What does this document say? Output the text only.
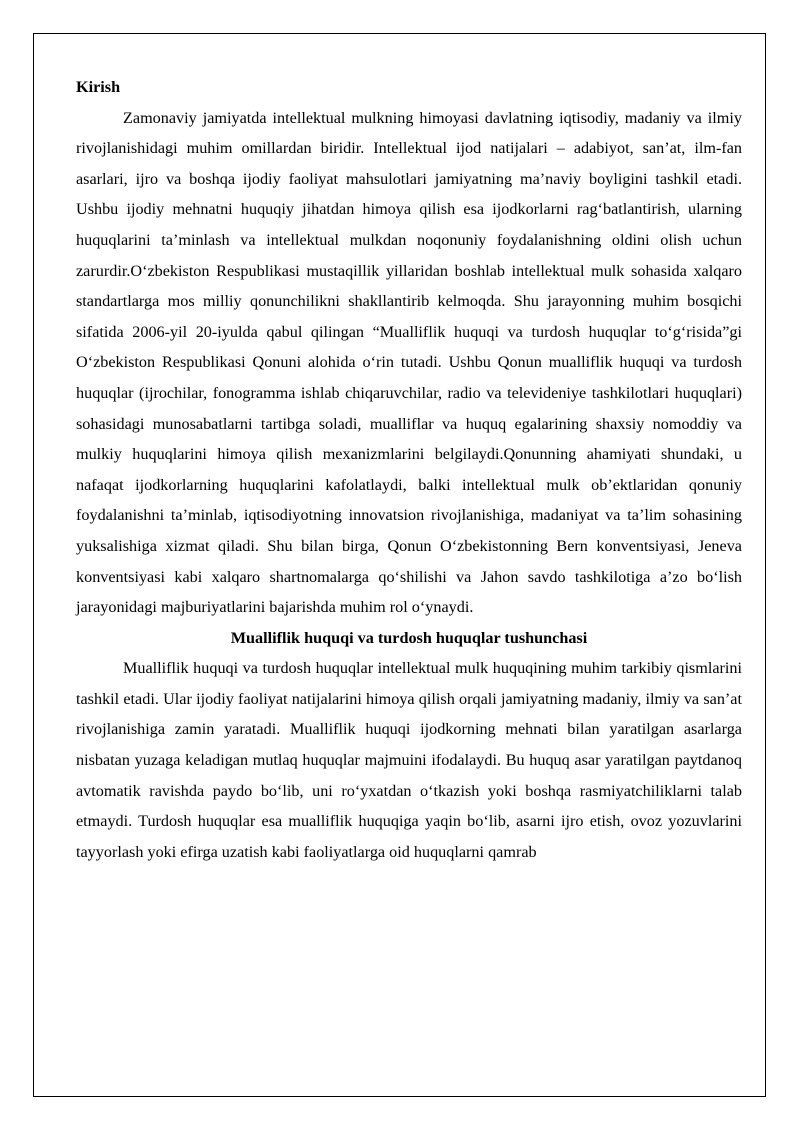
Kirish

Zamonaviy jamiyatda intellektual mulkning himoyasi davlatning iqtisodiy, madaniy va ilmiy rivojlanishidagi muhim omillardan biridir. Intellektual ijod natijalari – adabiyot, san’at, ilm-fan asarlari, ijro va boshqa ijodiy faoliyat mahsulotlari jamiyatning ma’naviy boyligini tashkil etadi. Ushbu ijodiy mehnatni huquqiy jihatdan himoya qilish esa ijodkorlarni rag‘batlantirish, ularning huquqlarini ta’minlash va intellektual mulkdan noqonuniy foydalanishning oldini olish uchun zarurdir.O‘zbekiston Respublikasi mustaqillik yillaridan boshlab intellektual mulk sohasida xalqaro standartlarga mos milliy qonunchilikni shakllantirib kelmoqda. Shu jarayonning muhim bosqichi sifatida 2006-yil 20-iyulda qabul qilingan “Mualliflik huquqi va turdosh huquqlar to‘g‘risida”gi O‘zbekiston Respublikasi Qonuni alohida o‘rin tutadi. Ushbu Qonun mualliflik huquqi va turdosh huquqlar (ijrochilar, fonogramma ishlab chiqaruvchilar, radio va televideniye tashkilotlari huquqlari) sohasidagi munosabatlarni tartibga soladi, mualliflar va huquq egalarining shaxsiy nomoddiy va mulkiy huquqlarini himoya qilish mexanizmlarini belgilaydi.Qonunning ahamiyati shundaki, u nafaqat ijodkorlarning huquqlarini kafolatlaydi, balki intellektual mulk ob’ektlaridan qonuniy foydalanishni ta’minlab, iqtisodiyotning innovatsion rivojlanishiga, madaniyat va ta’lim sohasining yuksalishiga xizmat qiladi. Shu bilan birga, Qonun O‘zbekistonning Bern konventsiyasi, Jeneva konventsiyasi kabi xalqaro shartnomalarga qo‘shilishi va Jahon savdo tashkilotiga a’zo bo‘lish jarayonidagi majburiyatlarini bajarishda muhim rol o‘ynaydi.

Mualliflik huquqi va turdosh huquqlar tushunchasi

Mualliflik huquqi va turdosh huquqlar intellektual mulk huquqining muhim tarkibiy qismlarini tashkil etadi. Ular ijodiy faoliyat natijalarini himoya qilish orqali jamiyatning madaniy, ilmiy va san’at rivojlanishiga zamin yaratadi. Mualliflik huquqi ijodkorning mehnati bilan yaratilgan asarlarga nisbatan yuzaga keladigan mutlaq huquqlar majmuini ifodalaydi. Bu huquq asar yaratilgan paytdanoq avtomatik ravishda paydo bo‘lib, uni ro‘yxatdan o‘tkazish yoki boshqa rasmiyatchiliklarni talab etmaydi. Turdosh huquqlar esa mualliflik huquqiga yaqin bo‘lib, asarni ijro etish, ovoz yozuvlarini tayyorlash yoki efirga uzatish kabi faoliyatlarga oid huquqlarni qamrab
